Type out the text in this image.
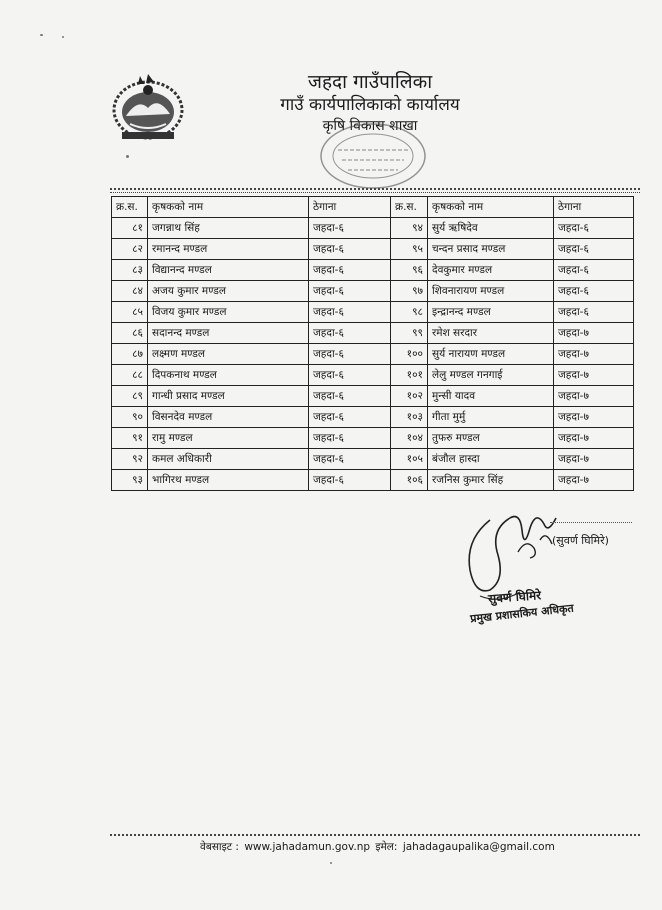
जहदा गाउँपालिका
गाउँ कार्यपालिकाको कार्यालय
कृषि विकास शाखा
क्र.स.	कृषकको नाम	ठेगाना	क्र.स.	कृषकको नाम	ठेगाना
८१	जगन्नाथ सिंह	जहदा-६	९४	सुर्य ऋषिदेव	जहदा-६
८२	रमानन्द मण्डल	जहदा-६	९५	चन्दन प्रसाद मण्डल	जहदा-६
८३	विद्यानन्द मण्डल	जहदा-६	९६	देवकुमार मण्डल	जहदा-६
८४	अजय कुमार मण्डल	जहदा-६	९७	शिवनारायण मण्डल	जहदा-६
८५	विजय कुमार मण्डल	जहदा-६	९८	इन्द्रानन्द मण्डल	जहदा-६
८६	सदानन्द मण्डल	जहदा-६	९९	रमेश सरदार	जहदा-७
८७	लक्ष्मण मण्डल	जहदा-६	१००	सुर्य नारायण मण्डल	जहदा-७
८८	दिपकनाथ मण्डल	जहदा-६	१०१	लेलु मण्डल गनगाई	जहदा-७
८९	गान्धी प्रसाद मण्डल	जहदा-६	१०२	मुन्सी यादव	जहदा-७
९०	विसनदेव मण्डल	जहदा-६	१०३	गीता मुर्मु	जहदा-७
९१	रामु मण्डल	जहदा-६	१०४	तुफरु मण्डल	जहदा-७
९२	कमल अधिकारी	जहदा-६	१०५	बंजौल हास्दा	जहदा-७
९३	भागिरथ मण्डल	जहदा-६	१०६	रजनिस कुमार सिंह	जहदा-७
(सुवर्ण घिमिरे)
सुवर्ण घिमिरे
प्रमुख प्रशासकिय अधिकृत
वेबसाइट : www.jahadamun.gov.np इमेल: jahadagaupalika@gmail.com
